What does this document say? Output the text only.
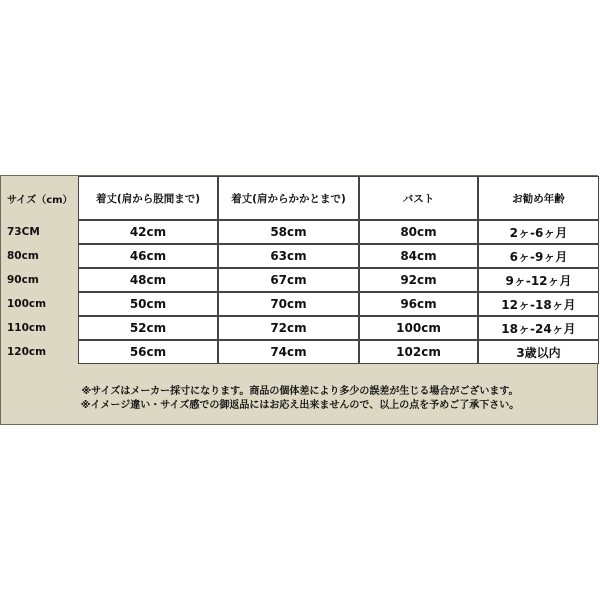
サイズ（cm）	着丈(肩から股間まで)	着丈(肩からかかとまで)	バスト	お勧め年齢
73CM	42cm	58cm	80cm	2ヶ-6ヶ月
80cm	46cm	63cm	84cm	6ヶ-9ヶ月
90cm	48cm	67cm	92cm	9ヶ-12ヶ月
100cm	50cm	70cm	96cm	12ヶ-18ヶ月
110cm	52cm	72cm	100cm	18ヶ-24ヶ月
120cm	56cm	74cm	102cm	3歳以内
※サイズはメーカー採寸になります。商品の個体差により多少の誤差が生じる場合がございます。
※イメージ違い・サイズ感での御返品にはお応え出来ませんので、以上の点を予めご了承下さい。
